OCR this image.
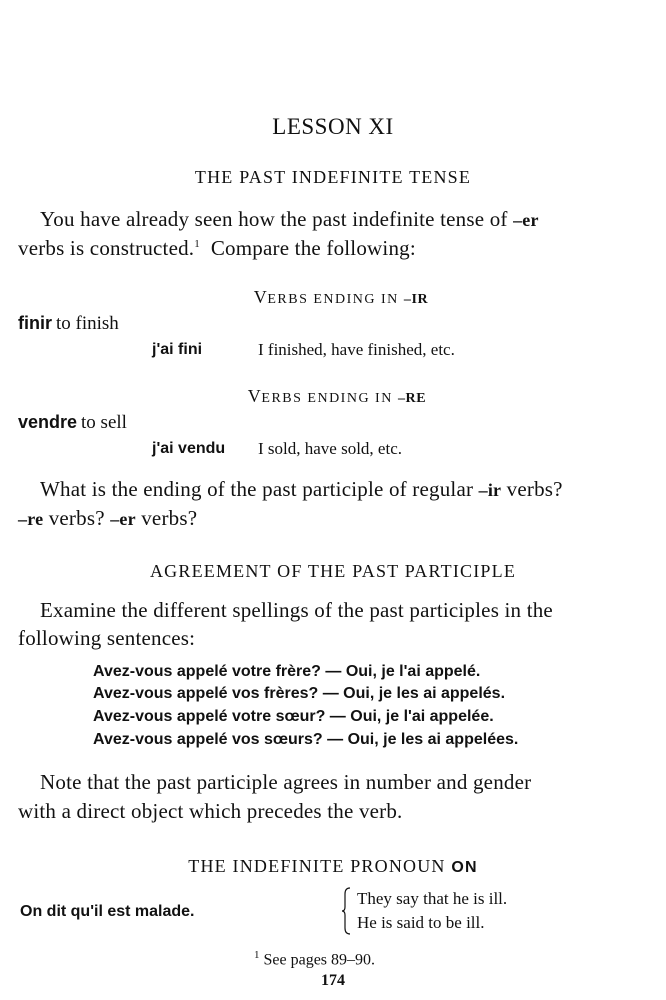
LESSON XI
THE PAST INDEFINITE TENSE
You have already seen how the past indefinite tense of –er
verbs is constructed.$^1$  Compare the following:
VERBS ENDING IN –IR
finir to finish
j'ai fini	I finished, have finished, etc.
VERBS ENDING IN –RE
vendre to sell
j'ai vendu I sold, have sold, etc.
What is the ending of the past participle of regular –ir verbs?
–re verbs? –er verbs?
AGREEMENT OF THE PAST PARTICIPLE
Examine the different spellings of the past participles in the
following sentences:
Avez-vous appelé votre frère? — Oui, je l'ai appelé.
Avez-vous appelé vos frères? — Oui, je les ai appelés.
Avez-vous appelé votre sœur? — Oui, je l'ai appelée.
Avez-vous appelé vos sœurs? — Oui, je les ai appelées.
Note that the past participle agrees in number and gender
with a direct object which precedes the verb.
THE INDEFINITE PRONOUN ON
On dit qu'il est malade.
They say that he is ill.
He is said to be ill.
$^1$ See pages 89–90.
174
